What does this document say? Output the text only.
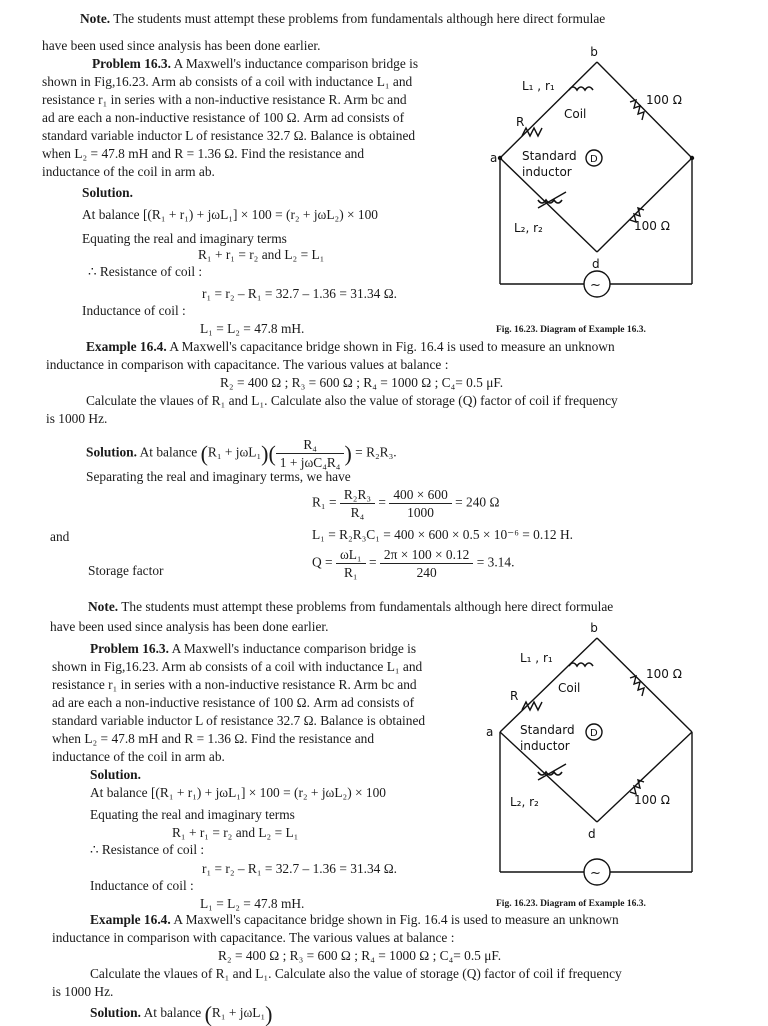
Note. The students must attempt these problems from fundamentals although here direct formulae
have been used since analysis has been done earlier.
Problem 16.3. A Maxwell's inductance comparison bridge is
shown in Fig,16.23. Arm ab consists of a coil with inductance L₁ and
resistance r₁ in series with a non-inductive resistance R. Arm bc and
ad are each a non-inductive resistance of 100 Ω. Arm ad consists of
standard variable inductor L of resistance 32.7 Ω. Balance is obtained
when L₂ = 47.8 mH and R = 1.36 Ω. Find the resistance and
inductance of the coil in arm ab.
Solution.
At balance [(R₁ + r₁) + jωL₁] × 100 = (r₂ + jωL₂) × 100
Equating the real and imaginary terms
R₁ + r₁ = r₂ and L₂ = L₁
∴ Resistance of coil :
r₁ = r₂ – R₁ = 32.7 – 1.36 = 31.34 Ω.
Inductance of coil :
L₁ = L₂ = 47.8 mH.
b
a
d
L₁ , r₁
Coil
R
100 Ω
100 Ω
Standard
inductor
D
L₂, r₂
~
Fig. 16.23. Diagram of Example 16.3.
Example 16.4. A Maxwell's capacitance bridge shown in Fig. 16.4 is used to measure an unknown
inductance in comparison with capacitance. The various values at balance :
R₂ = 400 Ω ; R₃ = 600 Ω ; R₄ = 1000 Ω ; C₄= 0.5 μF.
Calculate the vlaues of R₁ and L₁. Calculate also the value of storage (Q) factor of coil if frequency
is 1000 Hz.
Solution. At balance $(R_1 + j\omega L_1)( \frac{\text{R₄}}{\text{1 + jωC₄R₄}}$ ) = R₂R₃.
Separating the real and imaginary terms, we have
$R_1 = \frac{\text{R₂R₃}}{\text{R₄}} = \frac{400 \times 600}{1000} = 240$ Ω
and	L₁ = R₂R₃C₁ = 400 × 600 × 0.5 × 10⁻⁶ = 0.12 H.
Storage factor
$Q = \frac{\text{ωL₁}}{\text{R₁}} = \frac{2\pi \times 100 \times 0.12}{240} = 3.14$.
Note. The students must attempt these problems from fundamentals although here direct formulae
have been used since analysis has been done earlier.
Problem 16.3. A Maxwell's inductance comparison bridge is
shown in Fig,16.23. Arm ab consists of a coil with inductance L₁ and
resistance r₁ in series with a non-inductive resistance R. Arm bc and
ad are each a non-inductive resistance of 100 Ω. Arm ad consists of
standard variable inductor L of resistance 32.7 Ω. Balance is obtained
when L₂ = 47.8 mH and R = 1.36 Ω. Find the resistance and
inductance of the coil in arm ab.
Solution.
At balance [(R₁ + r₁) + jωL₁] × 100 = (r₂ + jωL₂) × 100
Equating the real and imaginary terms
R₁ + r₁ = r₂ and L₂ = L₁
∴ Resistance of coil :
r₁ = r₂ – R₁ = 32.7 – 1.36 = 31.34 Ω.
Inductance of coil :
L₁ = L₂ = 47.8 mH.
b
a
d
L₁ , r₁
Coil
R
100 Ω
100 Ω
Standard
inductor
D
L₂, r₂
~
Fig. 16.23. Diagram of Example 16.3.
Example 16.4. A Maxwell's capacitance bridge shown in Fig. 16.4 is used to measure an unknown
inductance in comparison with capacitance. The various values at balance :
R₂ = 400 Ω ; R₃ = 600 Ω ; R₄ = 1000 Ω ; C₄= 0.5 μF.
Calculate the vlaues of R₁ and L₁. Calculate also the value of storage (Q) factor of coil if frequency
is 1000 Hz.
Solution. At balance (R₁ + jωL₁)
